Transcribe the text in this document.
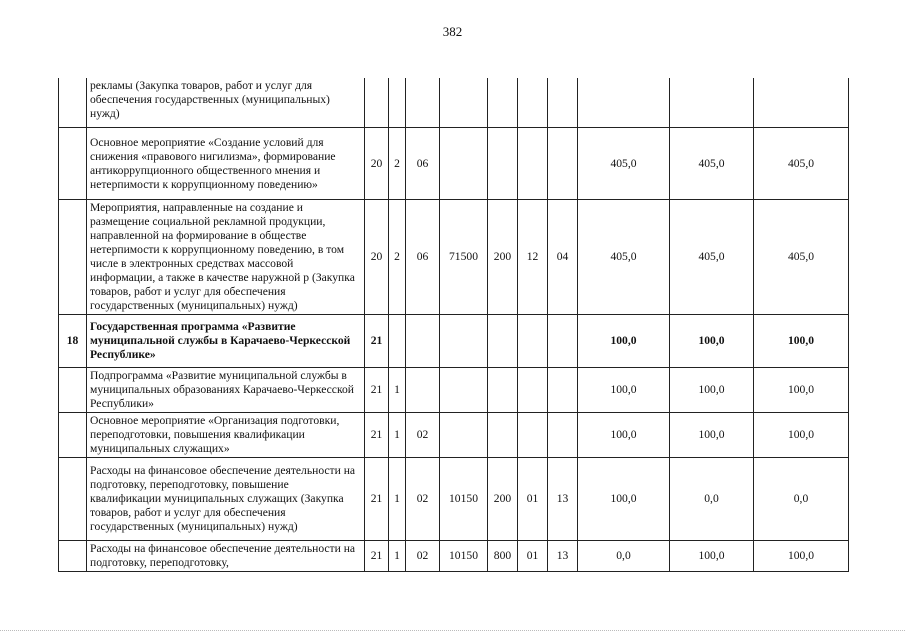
382
	рекламы (Закупка товаров, работ и услуг для обеспечения государственных (муниципальных) нужд)										
	Основное мероприятие «Создание условий для снижения «правового нигилизма», формирование антикоррупционного общественного мнения и нетерпимости к коррупционному поведению»	20	2	06					405,0	405,0	405,0
	Мероприятия, направленные на создание и размещение социальной рекламной продукции, направленной на формирование в обществе нетерпимости к коррупционному поведению, в том числе в электронных средствах массовой информации, а также в качестве наружной р (Закупка товаров, работ и услуг для обеспечения государственных (муниципальных) нужд)	20	2	06	71500	200	12	04	405,0	405,0	405,0
18	Государственная программа «Развитие муниципальной службы в Карачаево-Черкесской Республике»	21							100,0	100,0	100,0
	Подпрограмма «Развитие муниципальной службы в муниципальных образованиях Карачаево-Черкесской Республики»	21	1						100,0	100,0	100,0
	Основное мероприятие «Организация подготовки, переподготовки, повышения квалификации муниципальных служащих»	21	1	02					100,0	100,0	100,0
	Расходы на финансовое обеспечение деятельности на подготовку, переподготовку, повышение квалификации муниципальных служащих (Закупка товаров, работ и услуг для обеспечения государственных (муниципальных) нужд)	21	1	02	10150	200	01	13	100,0	0,0	0,0
	Расходы на финансовое обеспечение деятельности на подготовку, переподготовку,	21	1	02	10150	800	01	13	0,0	100,0	100,0
